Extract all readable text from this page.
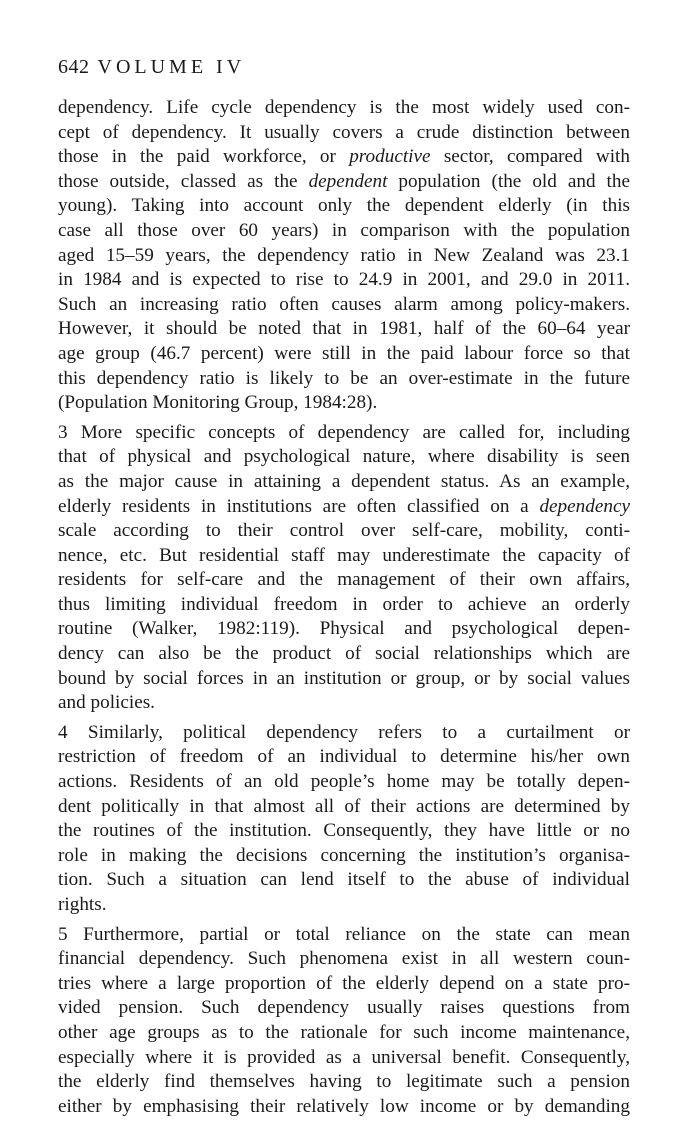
642 VOLUME IV
dependency. Life cycle dependency is the most widely used con-
cept of dependency. It usually covers a crude distinction between
those in the paid workforce, or productive sector, compared with
those outside, classed as the dependent population (the old and the
young). Taking into account only the dependent elderly (in this
case all those over 60 years) in comparison with the population
aged 15–59 years, the dependency ratio in New Zealand was 23.1
in 1984 and is expected to rise to 24.9 in 2001, and 29.0 in 2011.
Such an increasing ratio often causes alarm among policy-makers.
However, it should be noted that in 1981, half of the 60–64 year
age group (46.7 percent) were still in the paid labour force so that
this dependency ratio is likely to be an over-estimate in the future
(Population Monitoring Group, 1984:28).
3 More specific concepts of dependency are called for, including
that of physical and psychological nature, where disability is seen
as the major cause in attaining a dependent status. As an example,
elderly residents in institutions are often classified on a dependency
scale according to their control over self-care, mobility, conti-
nence, etc. But residential staff may underestimate the capacity of
residents for self-care and the management of their own affairs,
thus limiting individual freedom in order to achieve an orderly
routine (Walker, 1982:119). Physical and psychological depen-
dency can also be the product of social relationships which are
bound by social forces in an institution or group, or by social values
and policies.
4 Similarly, political dependency refers to a curtailment or
restriction of freedom of an individual to determine his/her own
actions. Residents of an old people’s home may be totally depen-
dent politically in that almost all of their actions are determined by
the routines of the institution. Consequently, they have little or no
role in making the decisions concerning the institution’s organisa-
tion. Such a situation can lend itself to the abuse of individual
rights.
5 Furthermore, partial or total reliance on the state can mean
financial dependency. Such phenomena exist in all western coun-
tries where a large proportion of the elderly depend on a state pro-
vided pension. Such dependency usually raises questions from
other age groups as to the rationale for such income maintenance,
especially where it is provided as a universal benefit. Consequently,
the elderly find themselves having to legitimate such a pension
either by emphasising their relatively low income or by demanding
